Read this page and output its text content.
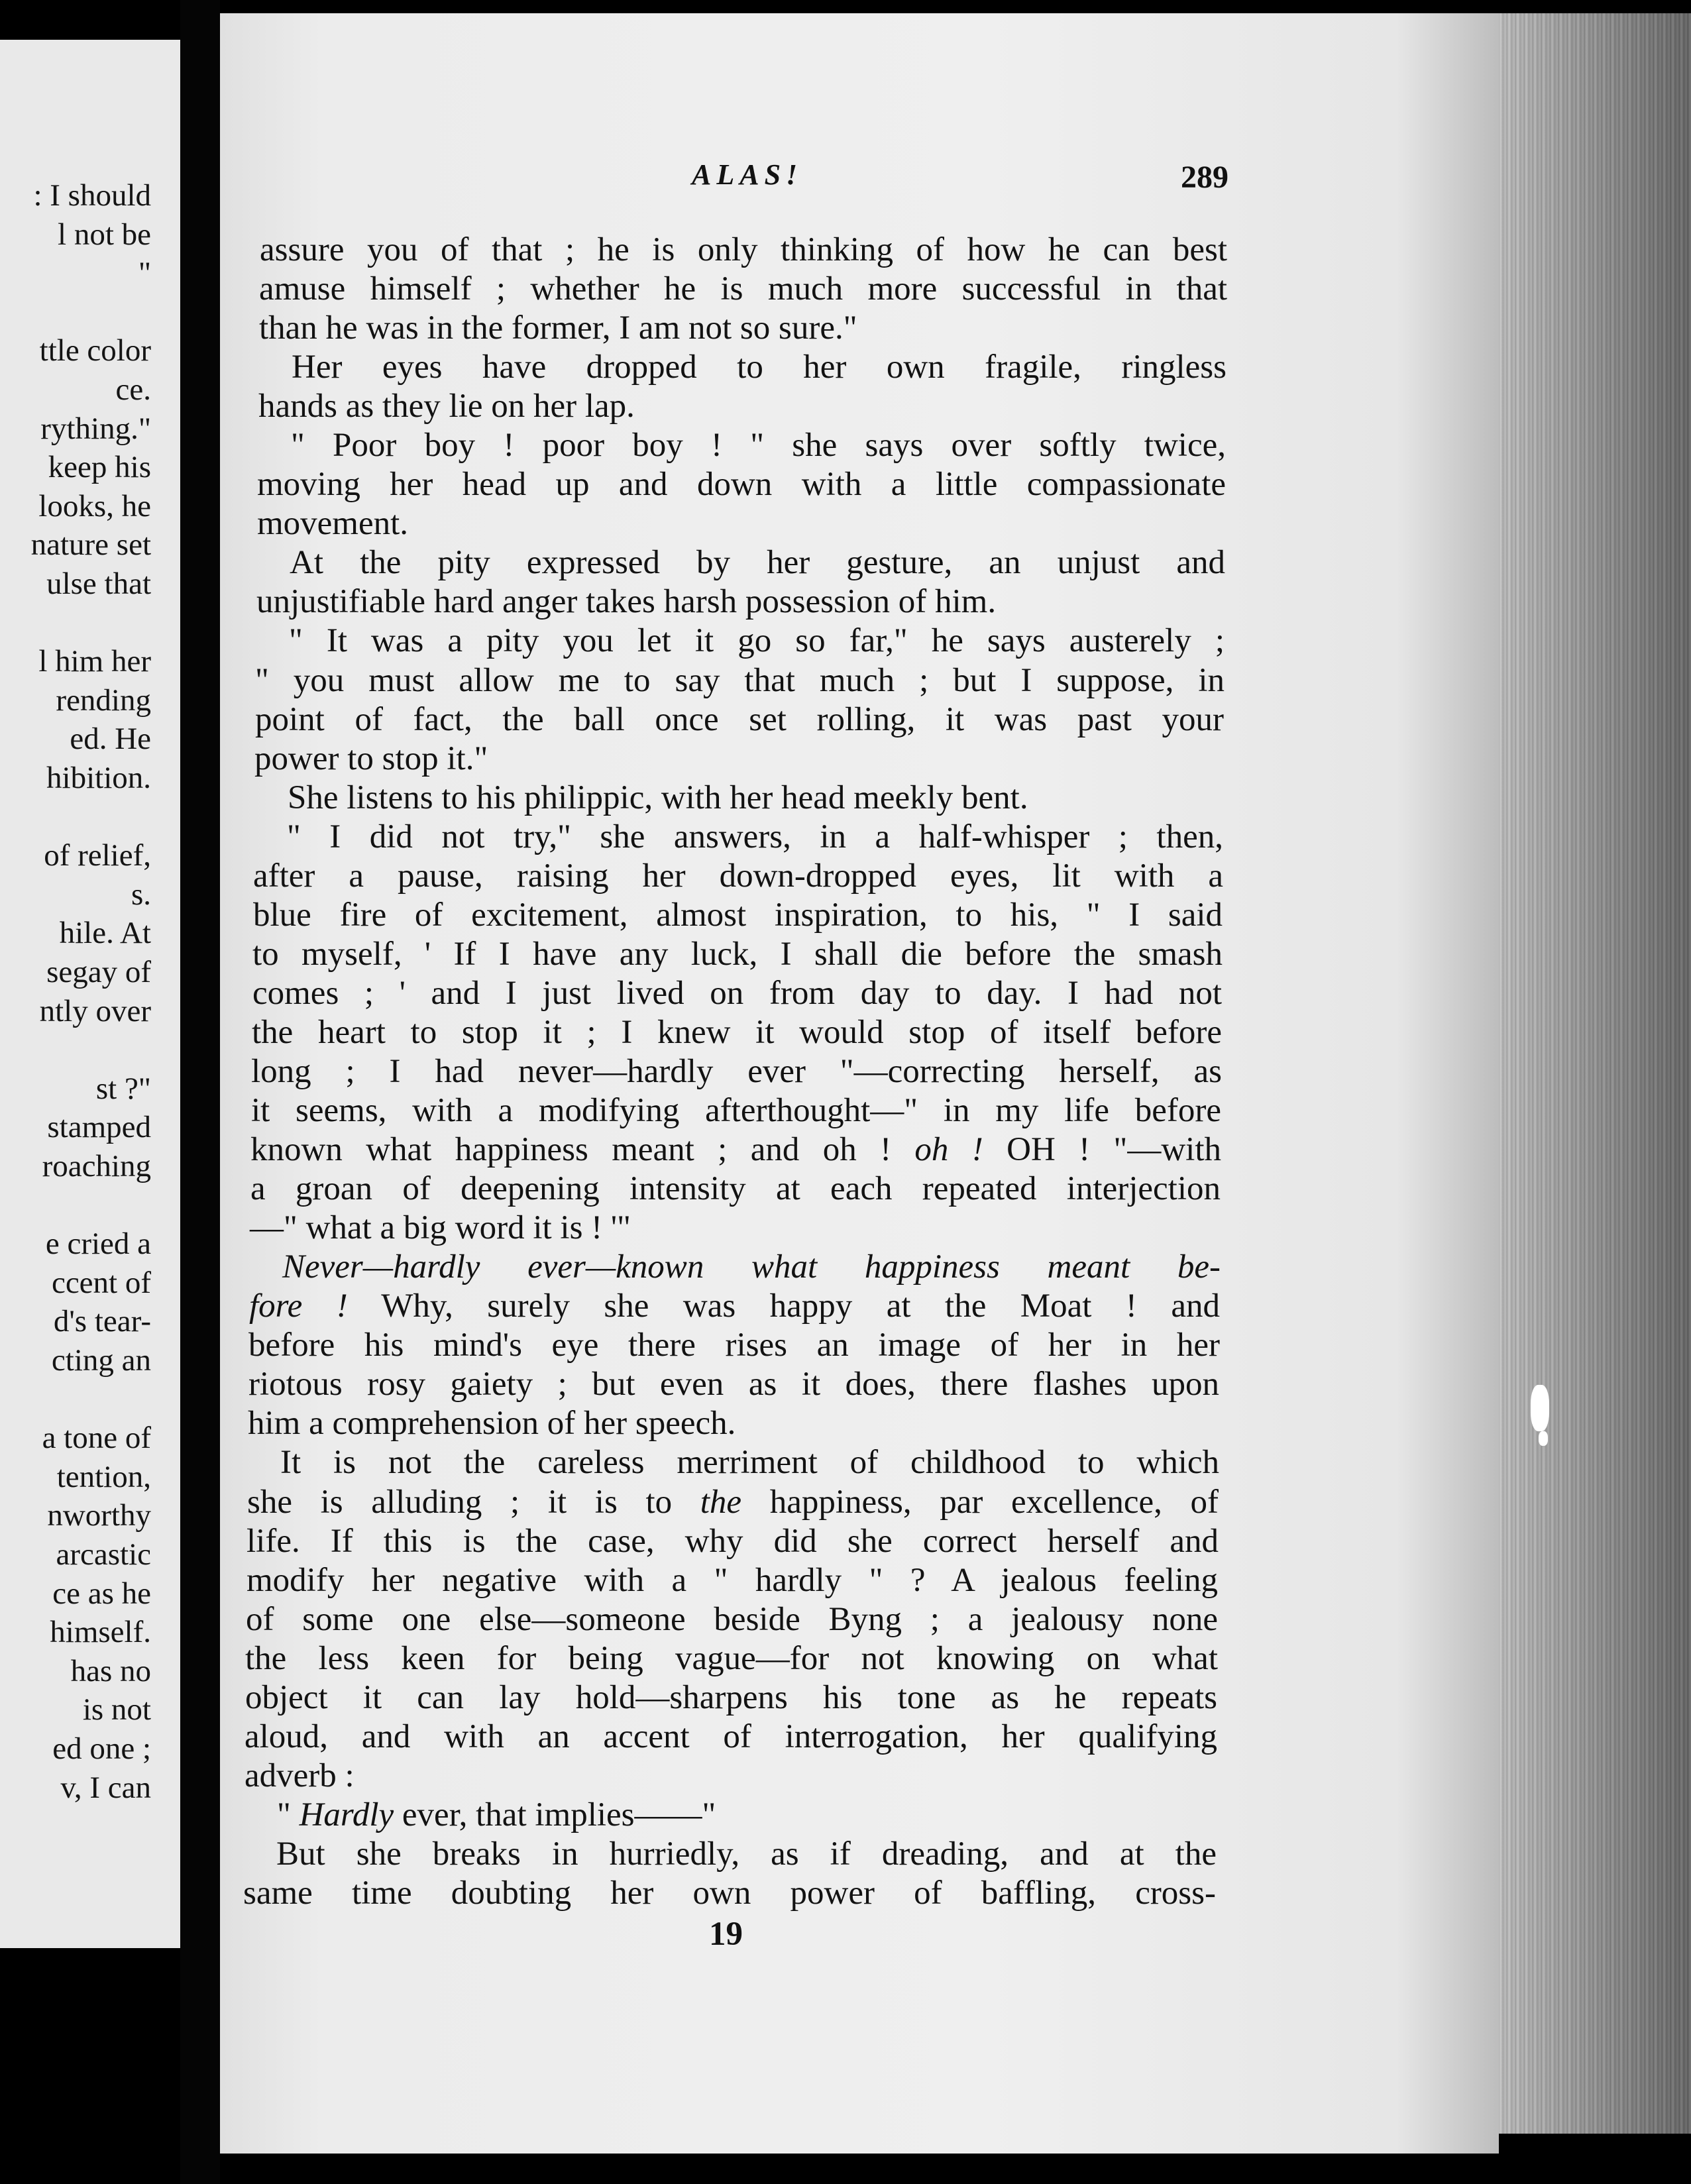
: I should
l not be
"
ttle color
ce.
rything."
keep his
looks, he
nature set
ulse that
l him her
rending
ed. He
hibition.
of relief,
s.
hile. At
segay of
ntly over
st ?"
stamped
roaching
e cried a
ccent of
d's tear-
cting an
a tone of
tention,
nworthy
arcastic
ce as he
himself.
has no
is not
ed one ;
v, I can
ALAS!	289
assure you of that ; he is only thinking of how he can best
amuse himself ; whether he is much more successful in that
than he was in the former, I am not so sure."
Her eyes have dropped to her own fragile, ringless
hands as they lie on her lap.
" Poor boy ! poor boy ! " she says over softly twice,
moving her head up and down with a little compassionate
movement.
At the pity expressed by her gesture, an unjust and
unjustifiable hard anger takes harsh possession of him.
" It was a pity you let it go so far," he says austerely ;
" you must allow me to say that much ; but I suppose, in
point of fact, the ball once set rolling, it was past your
power to stop it."
She listens to his philippic, with her head meekly bent.
" I did not try," she answers, in a half-whisper ; then,
after a pause, raising her down-dropped eyes, lit with a
blue fire of excitement, almost inspiration, to his, " I said
to myself, ' If I have any luck, I shall die before the smash
comes ; ' and I just lived on from day to day. I had not
the heart to stop it ; I knew it would stop of itself before
long ; I had never—hardly ever "—correcting herself, as
it seems, with a modifying afterthought—" in my life before
known what happiness meant ; and oh ! oh ! OH ! "—with
a groan of deepening intensity at each repeated interjection
—" what a big word it is ! '"
Never—hardly ever—known what happiness meant be-
fore ! Why, surely she was happy at the Moat ! and
before his mind's eye there rises an image of her in her
riotous rosy gaiety ; but even as it does, there flashes upon
him a comprehension of her speech.
It is not the careless merriment of childhood to which
she is alluding ; it is to the happiness, par excellence, of
life. If this is the case, why did she correct herself and
modify her negative with a " hardly " ? A jealous feeling
of some one else—someone beside Byng ; a jealousy none
the less keen for being vague—for not knowing on what
object it can lay hold—sharpens his tone as he repeats
aloud, and with an accent of interrogation, her qualifying
adverb :
" Hardly ever, that implies——"
But she breaks in hurriedly, as if dreading, and at the
same time doubting her own power of baffling, cross-
19
